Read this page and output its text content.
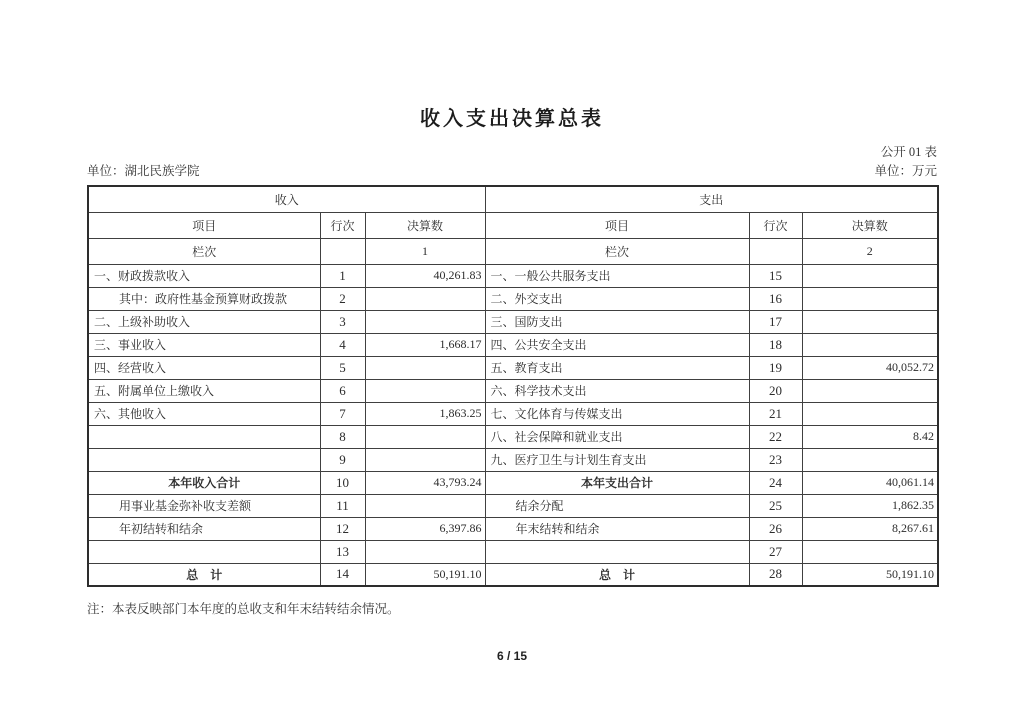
收入支出决算总表
公开 01 表
单位：湖北民族学院	单位：万元
收入			支出		
项目	行次	决算数	项目	行次	决算数
栏次		1	栏次		2
一、财政拨款收入	1	40,261.83	一、一般公共服务支出	15	
其中：政府性基金预算财政拨款	2		二、外交支出	16	
二、上级补助收入	3		三、国防支出	17	
三、事业收入	4	1,668.17	四、公共安全支出	18	
四、经营收入	5		五、教育支出	19	40,052.72
五、附属单位上缴收入	6		六、科学技术支出	20	
六、其他收入	7	1,863.25	七、文化体育与传媒支出	21	
	8		八、社会保障和就业支出	22	8.42
	9		九、医疗卫生与计划生育支出	23	
本年收入合计	10	43,793.24	本年支出合计	24	40,061.14
用事业基金弥补收支差额	11		结余分配	25	1,862.35
年初结转和结余	12	6,397.86	年末结转和结余	26	8,267.61
	13			27	
总　计	14	50,191.10	总　计	28	50,191.10
注：本表反映部门本年度的总收支和年末结转结余情况。
6 / 15
